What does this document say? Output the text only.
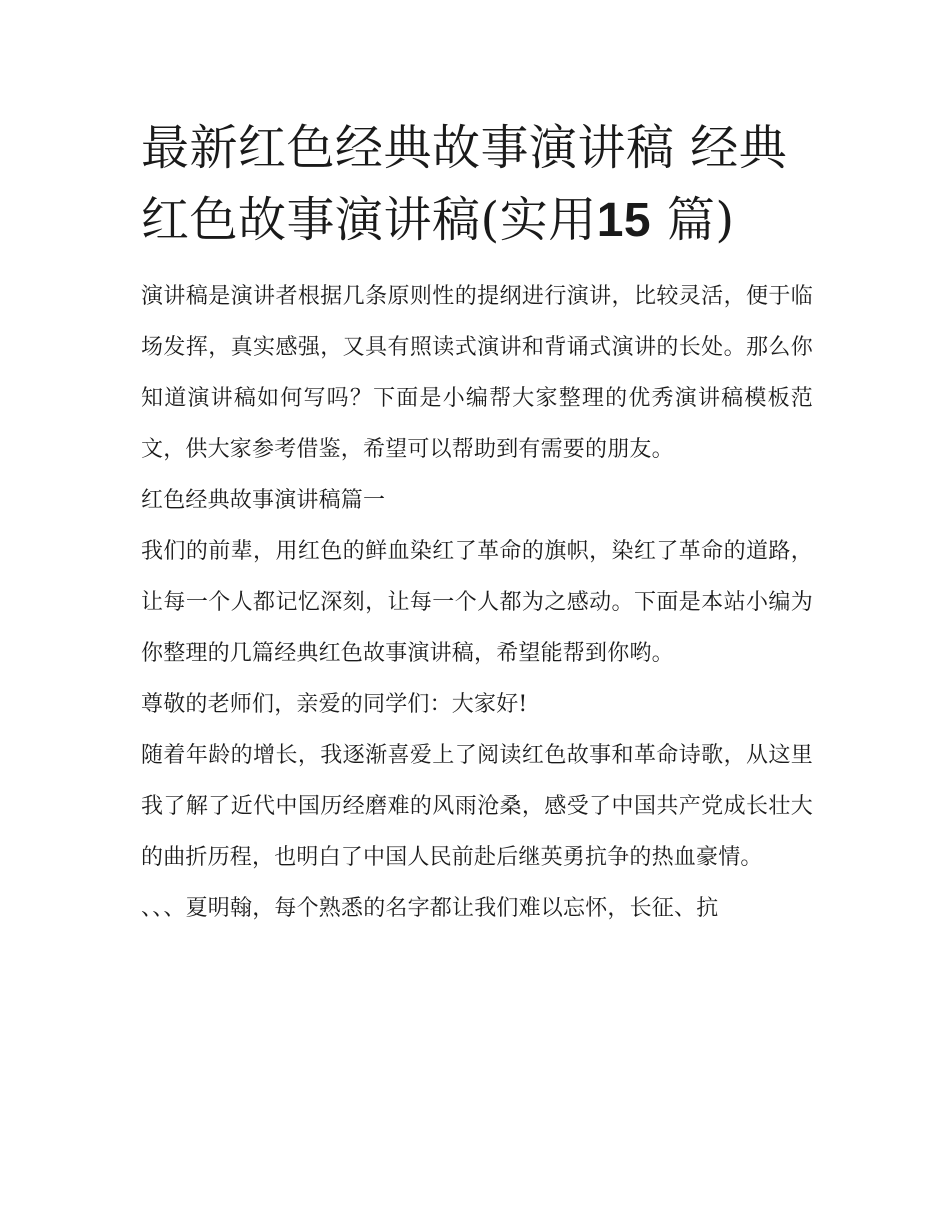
最新红色经典故事演讲稿 经典红色故事演讲稿(实用15 篇)

演讲稿是演讲者根据几条原则性的提纲进行演讲，比较灵活，便于临场发挥，真实感强，又具有照读式演讲和背诵式演讲的长处。那么你知道演讲稿如何写吗？下面是小编帮大家整理的优秀演讲稿模板范文，供大家参考借鉴，希望可以帮助到有需要的朋友。

红色经典故事演讲稿篇一

我们的前辈，用红色的鲜血染红了革命的旗帜，染红了革命的道路，让每一个人都记忆深刻，让每一个人都为之感动。下面是本站小编为你整理的几篇经典红色故事演讲稿，希望能帮到你哟。

尊敬的老师们，亲爱的同学们：大家好!

随着年龄的增长，我逐渐喜爱上了阅读红色故事和革命诗歌，从这里我了解了近代中国历经磨难的风雨沧桑，感受了中国共产党成长壮大的曲折历程，也明白了中国人民前赴后继英勇抗争的热血豪情。

、、、夏明翰，每个熟悉的名字都让我们难以忘怀，长征、抗
